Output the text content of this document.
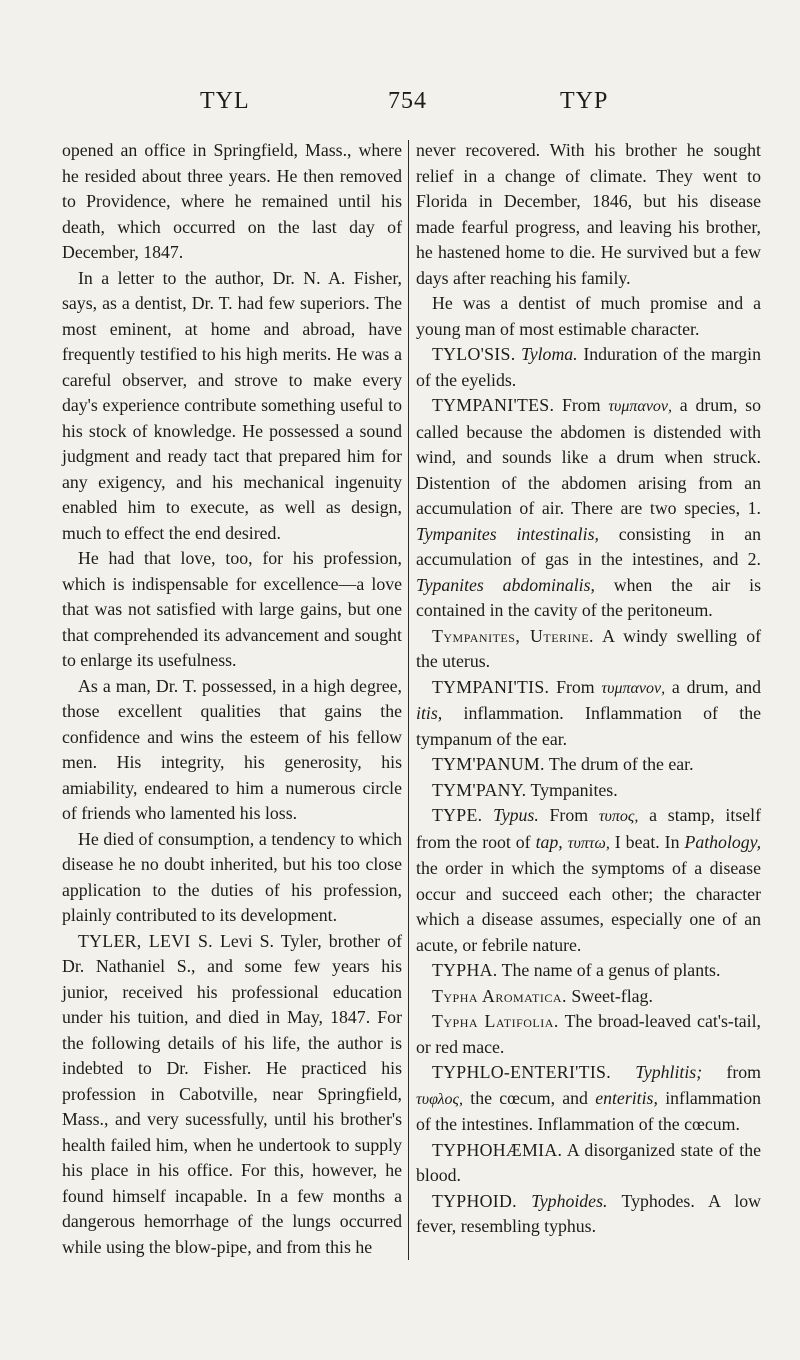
TYL	754	TYP

opened an office in Springfield, Mass., where he resided about three years. He then removed to Providence, where he remained until his death, which occurred on the last day of December, 1847.

In a letter to the author, Dr. N. A. Fisher, says, as a dentist, Dr. T. had few superiors. The most eminent, at home and abroad, have frequently testified to his high merits. He was a careful observer, and strove to make every day's experience contribute something useful to his stock of knowledge. He possessed a sound judgment and ready tact that prepared him for any exigency, and his mechanical ingenuity enabled him to execute, as well as design, much to effect the end desired.

He had that love, too, for his profession, which is indispensable for excellence—a love that was not satisfied with large gains, but one that comprehended its advancement and sought to enlarge its usefulness.

As a man, Dr. T. possessed, in a high degree, those excellent qualities that gains the confidence and wins the esteem of his fellow men. His integrity, his generosity, his amiability, endeared to him a numerous circle of friends who lamented his loss.

He died of consumption, a tendency to which disease he no doubt inherited, but his too close application to the duties of his profession, plainly contributed to its development.

TYLER, LEVI S. Levi S. Tyler, brother of Dr. Nathaniel S., and some few years his junior, received his professional education under his tuition, and died in May, 1847. For the following details of his life, the author is indebted to Dr. Fisher. He practiced his profession in Cabotville, near Springfield, Mass., and very sucessfully, until his brother's health failed him, when he undertook to supply his place in his office. For this, however, he found himself incapable. In a few months a dangerous hemorrhage of the lungs occurred while using the blow-pipe, and from this he

never recovered. With his brother he sought relief in a change of climate. They went to Florida in December, 1846, but his disease made fearful progress, and leaving his brother, he hastened home to die. He survived but a few days after reaching his family.

He was a dentist of much promise and a young man of most estimable character.

TYLO'SIS. Tyloma. Induration of the margin of the eyelids.

TYMPANI'TES. From τυμπανον, a drum, so called because the abdomen is distended with wind, and sounds like a drum when struck. Distention of the abdomen arising from an accumulation of air. There are two species, 1. Tympanites intestinalis, consisting in an accumulation of gas in the intestines, and 2. Typanites abdominalis, when the air is contained in the cavity of the peritoneum.

Tympanites, Uterine. A windy swelling of the uterus.

TYMPANI'TIS. From τυμπανον, a drum, and itis, inflammation. Inflammation of the tympanum of the ear.

TYM'PANUM. The drum of the ear.

TYM'PANY. Tympanites.

TYPE. Typus. From τυπος, a stamp, itself from the root of tap, τυπτω, I beat. In Pathology, the order in which the symptoms of a disease occur and succeed each other; the character which a disease assumes, especially one of an acute, or febrile nature.

TYPHA. The name of a genus of plants.

Typha Aromatica. Sweet-flag.

Typha Latifolia. The broad-leaved cat's-tail, or red mace.

TYPHLO-ENTERI'TIS. Typhlitis; from τυφλος, the cœcum, and enteritis, inflammation of the intestines. Inflammation of the cœcum.

TYPHOHÆMIA. A disorganized state of the blood.

TYPHOID. Typhoides. Typhodes. A low fever, resembling typhus.
